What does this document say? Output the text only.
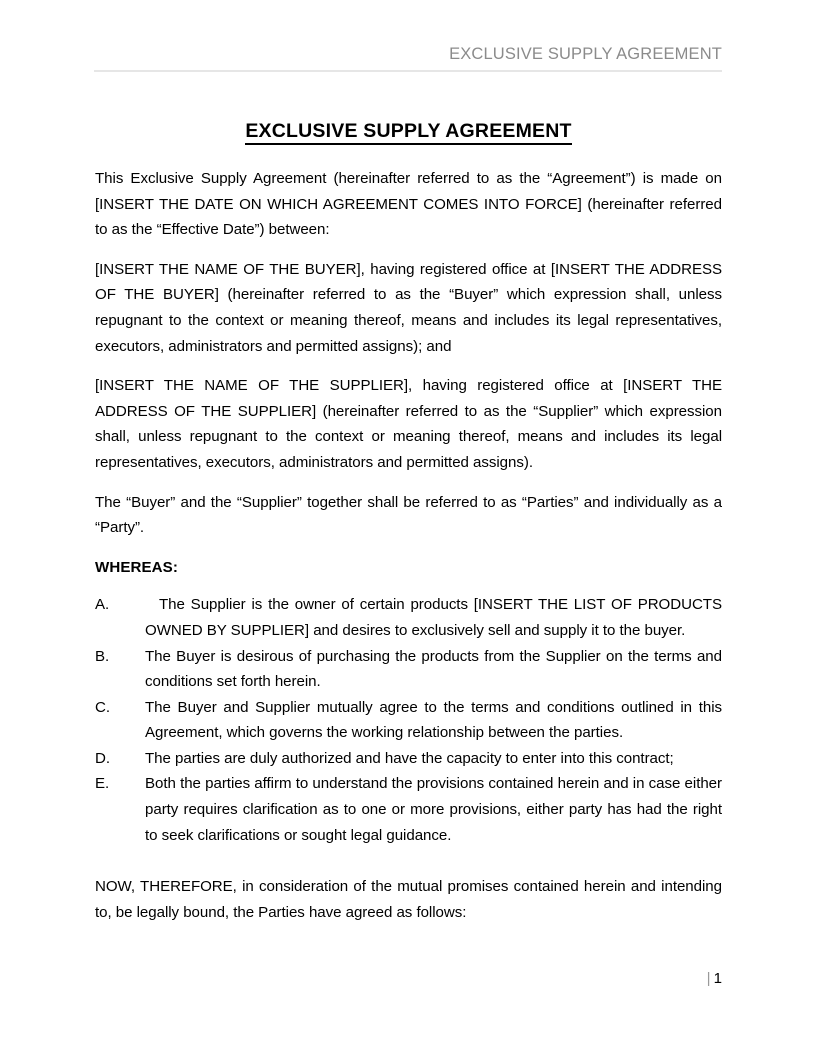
EXCLUSIVE SUPPLY AGREEMENT
EXCLUSIVE SUPPLY AGREEMENT

This Exclusive Supply Agreement (hereinafter referred to as the “Agreement”) is made on [INSERT THE DATE ON WHICH AGREEMENT COMES INTO FORCE] (hereinafter referred to as the “Effective Date”) between:

[INSERT THE NAME OF THE BUYER], having registered office at [INSERT THE ADDRESS OF THE BUYER] (hereinafter referred to as the “Buyer” which expression shall, unless repugnant to the context or meaning thereof, means and includes its legal representatives, executors, administrators and permitted assigns); and

[INSERT THE NAME OF THE SUPPLIER], having registered office at [INSERT THE ADDRESS OF THE SUPPLIER] (hereinafter referred to as the “Supplier” which expression shall, unless repugnant to the context or meaning thereof, means and includes its legal representatives, executors, administrators and permitted assigns).

The “Buyer” and the “Supplier” together shall be referred to as “Parties” and individually as a “Party”.

WHEREAS:
A.	The Supplier is the owner of certain products [INSERT THE LIST OF PRODUCTS OWNED BY SUPPLIER] and desires to exclusively sell and supply it to the buyer.
B.	The Buyer is desirous of purchasing the products from the Supplier on the terms and conditions set forth herein.
C.	The Buyer and Supplier mutually agree to the terms and conditions outlined in this Agreement, which governs the working relationship between the parties.
D.	The parties are duly authorized and have the capacity to enter into this contract;
E.	Both the parties affirm to understand the provisions contained herein and in case either party requires clarification as to one or more provisions, either party has had the right to seek clarifications or sought legal guidance.

NOW, THEREFORE, in consideration of the mutual promises contained herein and intending to, be legally bound, the Parties have agreed as follows:

| 1
